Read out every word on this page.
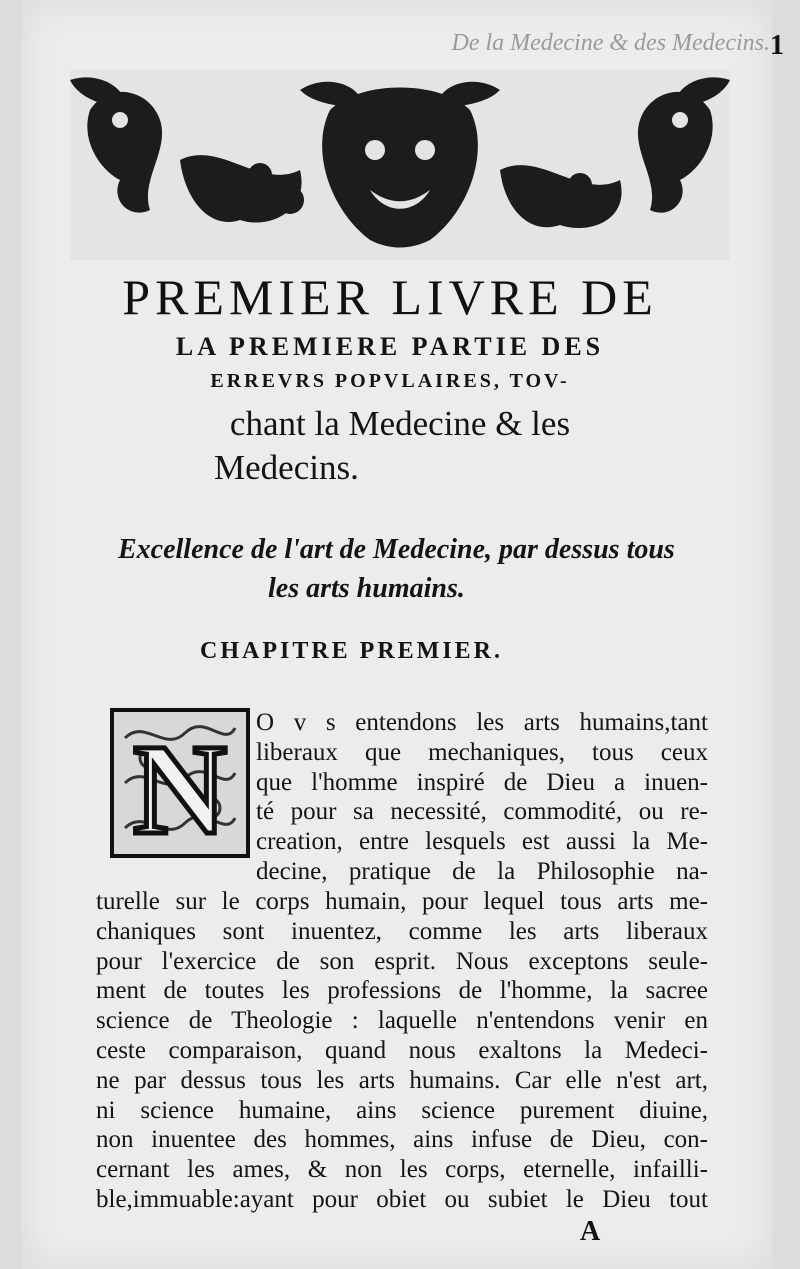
De la Medecine & des Medecins. 1
PREMIER LIVRE DE
LA PREMIERE PARTIE DES
ERREVRS POPVLAIRES, TOV-
chant la Medecine & les
Medecins.
Excellence de l'art de Medecine, par dessus tous
les arts humains.
CHAPITRE PREMIER.
N O v s entendons les arts humains,tant
liberaux que mechaniques, tous ceux
que l'homme inspiré de Dieu a inuen-
té pour sa necessité, commodité, ou re-
creation, entre lesquels est aussi la Me-
decine, pratique de la Philosophie na-
turelle sur le corps humain, pour lequel tous arts me-
chaniques sont inuentez, comme les arts liberaux
pour l'exercice de son esprit. Nous exceptons seule-
ment de toutes les professions de l'homme, la sacree
science de Theologie : laquelle n'entendons venir en
ceste comparaison, quand nous exaltons la Medeci-
ne par dessus tous les arts humains. Car elle n'est art,
ni science humaine, ains science purement diuine,
non inuentee des hommes, ains infuse de Dieu, con-
cernant les ames, & non les corps, eternelle, infailli-
ble,immuable:ayant pour obiet ou subiet le Dieu tout
A
